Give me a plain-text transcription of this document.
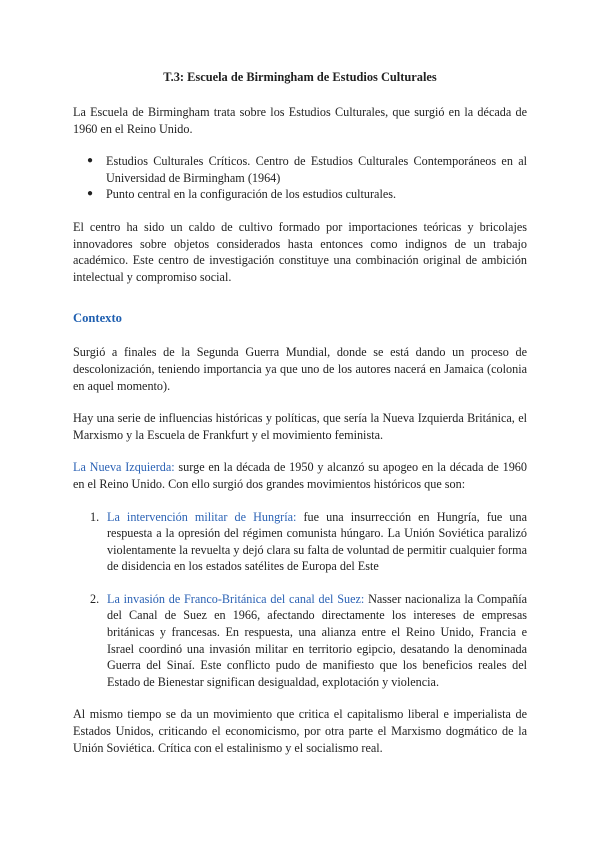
T.3: Escuela de Birmingham de Estudios Culturales

La Escuela de Birmingham trata sobre los Estudios Culturales, que surgió en la década de 1960 en el Reino Unido.

● Estudios Culturales Críticos. Centro de Estudios Culturales Contemporáneos en al Universidad de Birmingham (1964)
● Punto central en la configuración de los estudios culturales.

El centro ha sido un caldo de cultivo formado por importaciones teóricas y bricolajes innovadores sobre objetos considerados hasta entonces como indignos de un trabajo académico. Este centro de investigación constituye una combinación original de ambición intelectual y compromiso social.

Contexto

Surgió a finales de la Segunda Guerra Mundial, donde se está dando un proceso de descolonización, teniendo importancia ya que uno de los autores nacerá en Jamaica (colonia en aquel momento).

Hay una serie de influencias históricas y políticas, que sería la Nueva Izquierda Británica, el Marxismo y la Escuela de Frankfurt y el movimiento feminista.

La Nueva Izquierda: surge en la década de 1950 y alcanzó su apogeo en la década de 1960 en el Reino Unido. Con ello surgió dos grandes movimientos históricos que son:

1. La intervención militar de Hungría: fue una insurrección en Hungría, fue una respuesta a la opresión del régimen comunista húngaro. La Unión Soviética paralizó violentamente la revuelta y dejó clara su falta de voluntad de permitir cualquier forma de disidencia en los estados satélites de Europa del Este
2. La invasión de Franco-Británica del canal del Suez: Nasser nacionaliza la Compañía del Canal de Suez en 1966, afectando directamente los intereses de empresas británicas y francesas. En respuesta, una alianza entre el Reino Unido, Francia e Israel coordinó una invasión militar en territorio egipcio, desatando la denominada Guerra del Sinaí. Este conflicto pudo de manifiesto que los beneficios reales del Estado de Bienestar significan desigualdad, explotación y violencia.

Al mismo tiempo se da un movimiento que critica el capitalismo liberal e imperialista de Estados Unidos, criticando el economicismo, por otra parte el Marxismo dogmático de la Unión Soviética. Crítica con el estalinismo y el socialismo real.
